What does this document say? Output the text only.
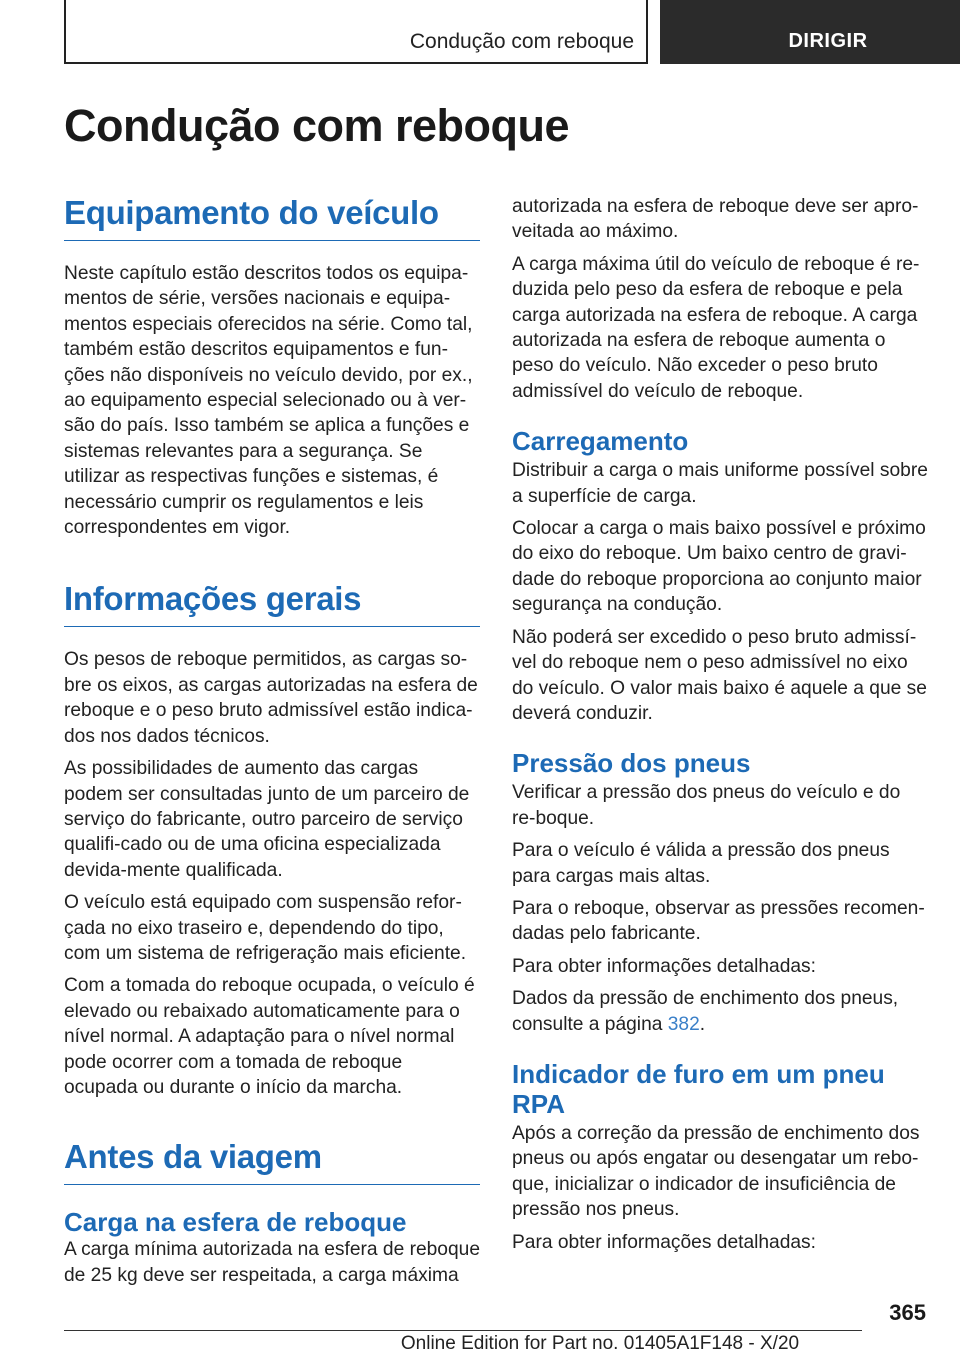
Condução com reboque	DIRIGIR
Condução com reboque
Equipamento do veículo

Neste capítulo estão descritos todos os equipa-mentos de série, versões nacionais e equipa-mentos especiais oferecidos na série. Como tal, também estão descritos equipamentos e fun-ções não disponíveis no veículo devido, por ex., ao equipamento especial selecionado ou à ver-são do país. Isso também se aplica a funções e sistemas relevantes para a segurança. Se utilizar as respectivas funções e sistemas, é necessário cumprir os regulamentos e leis correspondentes em vigor.

Informações gerais

Os pesos de reboque permitidos, as cargas so-bre os eixos, as cargas autorizadas na esfera de reboque e o peso bruto admissível estão indica-dos nos dados técnicos.

As possibilidades de aumento das cargas podem ser consultadas junto de um parceiro de serviço do fabricante, outro parceiro de serviço qualifi-cado ou de uma oficina especializada devida-mente qualificada.

O veículo está equipado com suspensão refor-çada no eixo traseiro e, dependendo do tipo, com um sistema de refrigeração mais eficiente.

Com a tomada do reboque ocupada, o veículo é elevado ou rebaixado automaticamente para o nível normal. A adaptação para o nível normal pode ocorrer com a tomada de reboque ocupada ou durante o início da marcha.

Antes da viagem
Carga na esfera de reboque

A carga mínima autorizada na esfera de reboque de 25 kg deve ser respeitada, a carga máxima

autorizada na esfera de reboque deve ser apro-veitada ao máximo.

A carga máxima útil do veículo de reboque é re-duzida pelo peso da esfera de reboque e pela carga autorizada na esfera de reboque. A carga autorizada na esfera de reboque aumenta o peso do veículo. Não exceder o peso bruto admissível do veículo de reboque.

Carregamento

Distribuir a carga o mais uniforme possível sobre a superfície de carga.

Colocar a carga o mais baixo possível e próximo do eixo do reboque. Um baixo centro de gravi-dade do reboque proporciona ao conjunto maior segurança na condução.

Não poderá ser excedido o peso bruto admissí-vel do reboque nem o peso admissível no eixo do veículo. O valor mais baixo é aquele a que se deverá conduzir.

Pressão dos pneus

Verificar a pressão dos pneus do veículo e do re-boque.

Para o veículo é válida a pressão dos pneus para cargas mais altas.

Para o reboque, observar as pressões recomen-dadas pelo fabricante.

Para obter informações detalhadas:

Dados da pressão de enchimento dos pneus, consulte a página 382.

Indicador de furo em um pneu
RPA

Após a correção da pressão de enchimento dos pneus ou após engatar ou desengatar um rebo-que, inicializar o indicador de insuficiência de pressão nos pneus.

Para obter informações detalhadas:

365
Online Edition for Part no. 01405A1F148 - X/20
